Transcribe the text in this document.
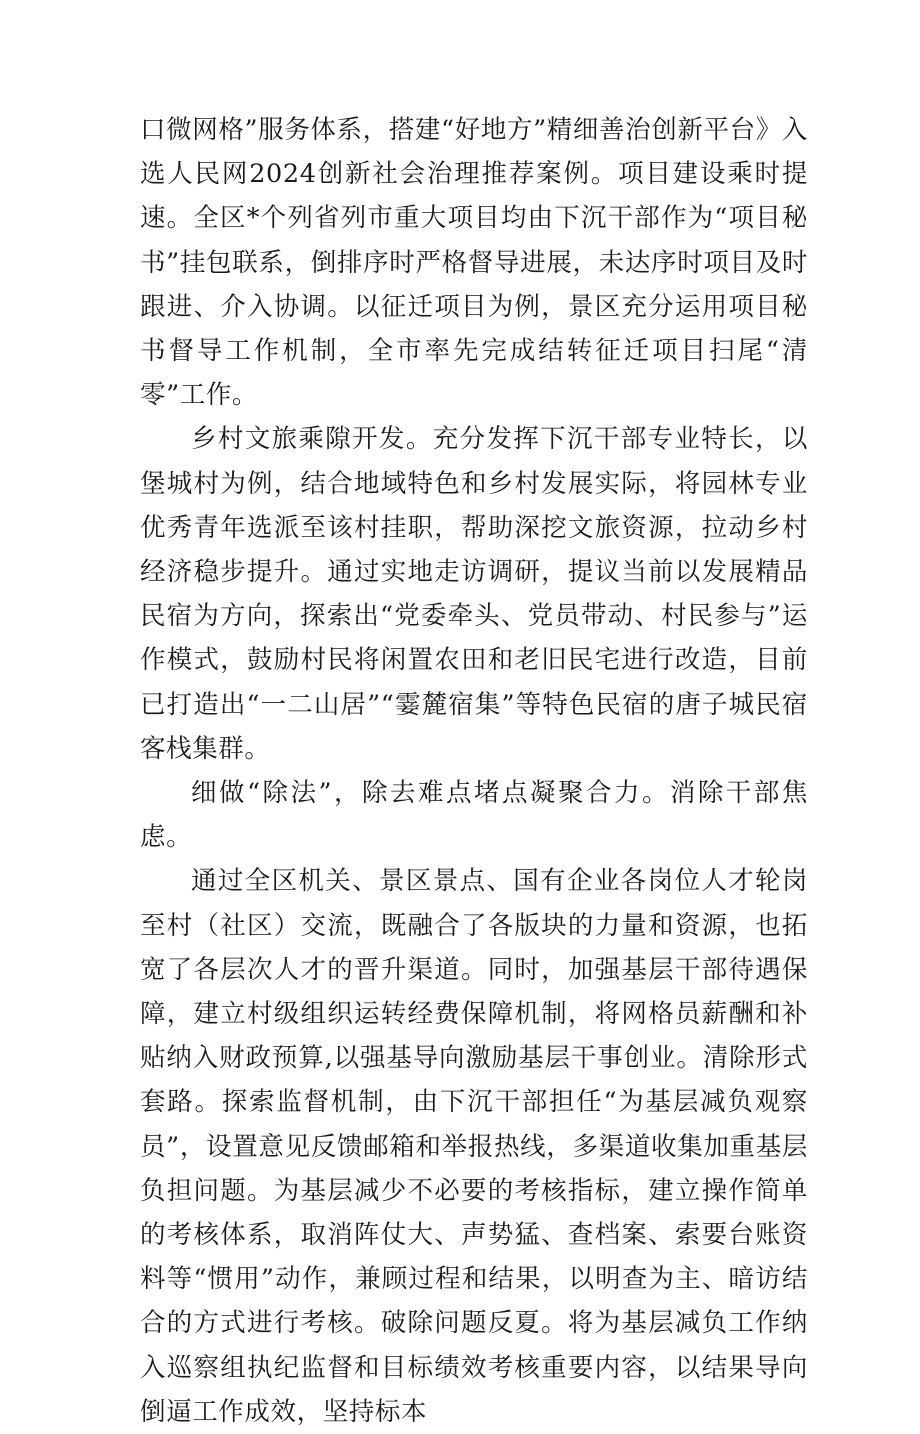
口微网格”服务体系，搭建“好地方”精细善治创新平台》入选人民网2024创新社会治理推荐案例。项目建设乘时提速。全区*个列省列市重大项目均由下沉干部作为“项目秘书”挂包联系，倒排序时严格督导进展，未达序时项目及时跟进、介入协调。以征迁项目为例，景区充分运用项目秘书督导工作机制，全市率先完成结转征迁项目扫尾“清零”工作。

乡村文旅乘隙开发。充分发挥下沉干部专业特长，以堡城村为例，结合地域特色和乡村发展实际，将园林专业优秀青年选派至该村挂职，帮助深挖文旅资源，拉动乡村经济稳步提升。通过实地走访调研，提议当前以发展精品民宿为方向，探索出“党委牵头、党员带动、村民参与”运作模式，鼓励村民将闲置农田和老旧民宅进行改造，目前已打造出“一二山居”“霎麓宿集”等特色民宿的唐子城民宿客栈集群。

细做“除法”，除去难点堵点凝聚合力。消除干部焦虑。

通过全区机关、景区景点、国有企业各岗位人才轮岗至村（社区）交流，既融合了各版块的力量和资源，也拓宽了各层次人才的晋升渠道。同时，加强基层干部待遇保障，建立村级组织运转经费保障机制，将网格员薪酬和补贴纳入财政预算,以强基导向激励基层干事创业。清除形式套路。探索监督机制，由下沉干部担任“为基层减负观察员”，设置意见反馈邮箱和举报热线，多渠道收集加重基层负担问题。为基层减少不必要的考核指标，建立操作简单的考核体系，取消阵仗大、声势猛、查档案、索要台账资料等“惯用”动作，兼顾过程和结果，以明查为主、暗访结合的方式进行考核。破除问题反夏。将为基层减负工作纳入巡察组执纪监督和目标绩效考核重要内容，以结果导向倒逼工作成效，坚持标本
